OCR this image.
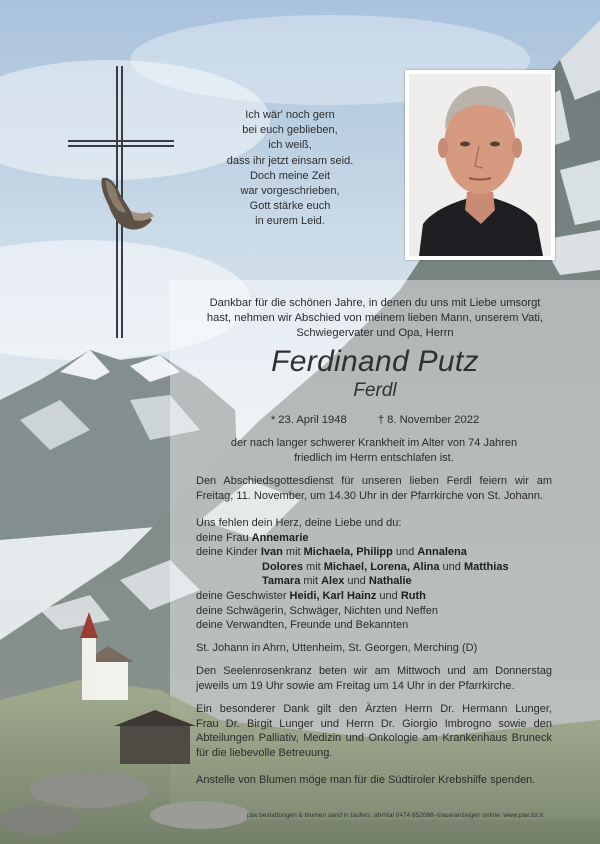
Ich wär' noch gern
bei euch geblieben,
ich weiß,
dass ihr jetzt einsam seid.
Doch meine Zeit
war vorgeschrieben,
Gott stärke euch
in eurem Leid.
Dankbar für die schönen Jahre, in denen du uns mit Liebe umsorgt
hast, nehmen wir Abschied von meinem lieben Mann, unserem Vati,
Schwiegervater und Opa, Herrn
Ferdinand Putz
Ferdl
* 23. April 1948	† 8. November 2022
der nach langer schwerer Krankheit im Alter von 74 Jahren
friedlich im Herrn entschlafen ist.
Den Abschiedsgottesdienst für unseren lieben Ferdl feiern wir am
Freitag, 11. November, um 14.30 Uhr in der Pfarrkirche von St. Johann.
Uns fehlen dein Herz, deine Liebe und du:
deine Frau Annemarie
deine Kinder Ivan mit Michaela, Philipp und Annalena
Dolores mit Michael, Lorena, Alina und Matthias
Tamara mit Alex und Nathalie
deine Geschwister Heidi, Karl Hainz und Ruth
deine Schwägerin, Schwäger, Nichten und Neffen
deine Verwandten, Freunde und Bekannten
St. Johann in Ahrn, Uttenheim, St. Georgen, Merching (D)
Den Seelenrosenkranz beten wir am Mittwoch und am Donnerstag
jeweils um 19 Uhr sowie am Freitag um 14 Uhr in der Pfarrkirche.
Ein besonderer Dank gilt den Ärzten Herrn Dr. Hermann Lunger,
Frau Dr. Birgit Lunger und Herrn Dr. Giorgio Imbrogno sowie den
Abteilungen Palliativ, Medizin und Onkologie am Krankenhaus Bruneck
für die liebevolle Betreuung.
Anstelle von Blumen möge man für die Südtiroler Krebshilfe spenden.
pax bestattungen & blumen sand in taufers, ahrntal 0474 652068–traueranzeigen online: www.pax.bz.it
